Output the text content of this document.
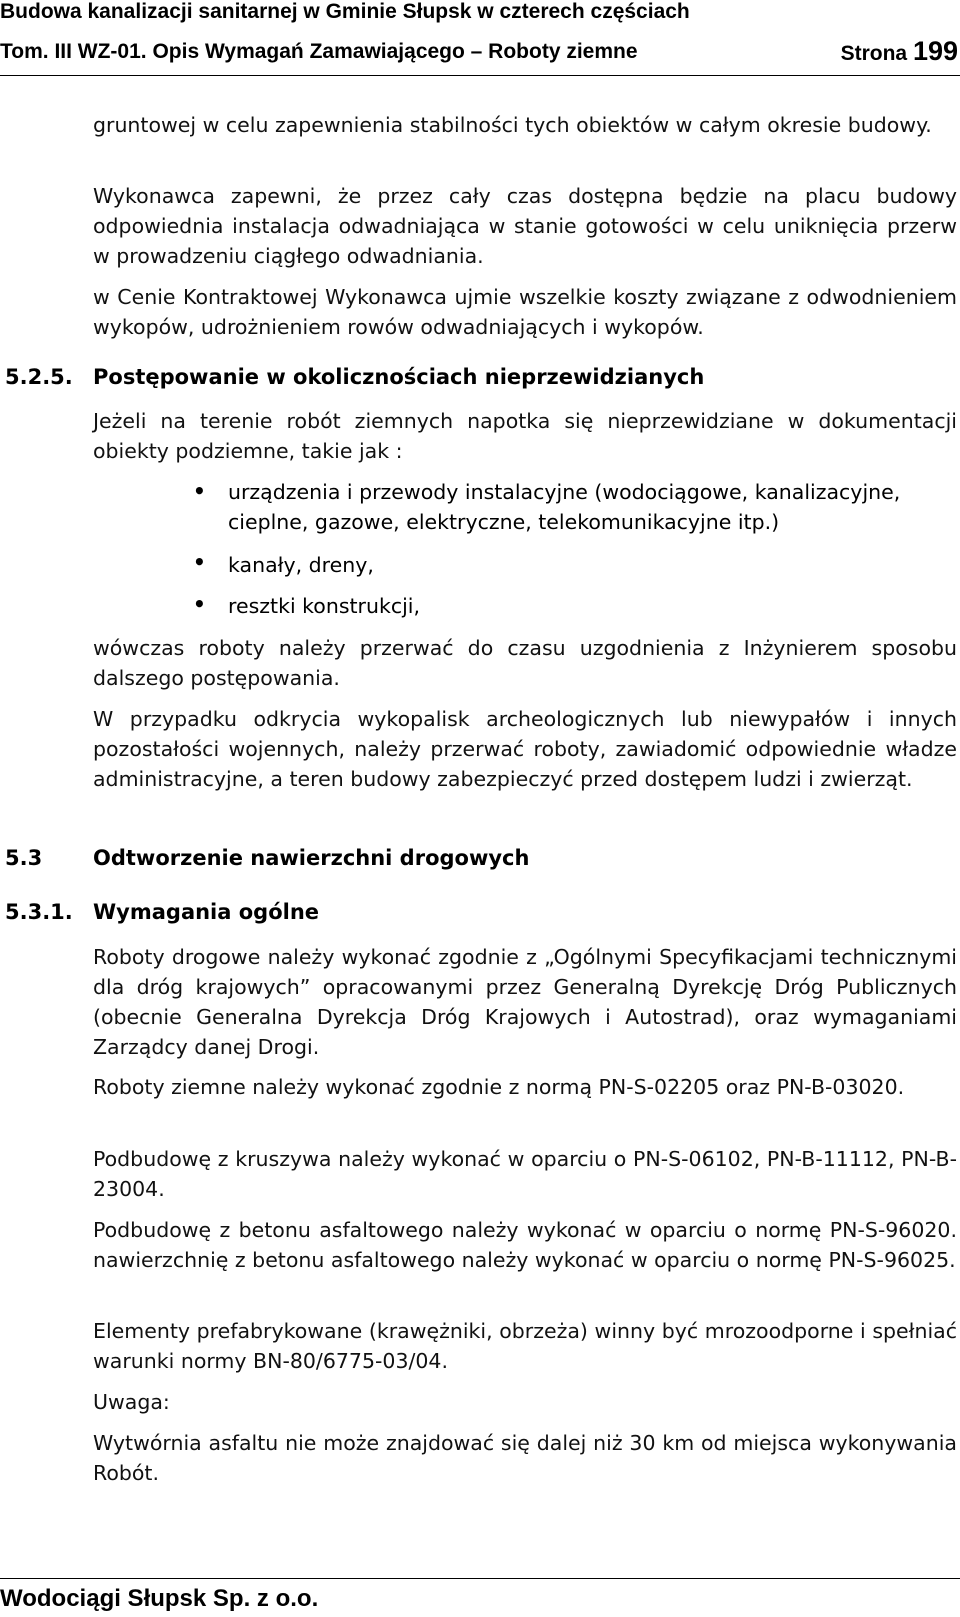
Budowa kanalizacji sanitarnej w Gminie Słupsk w czterech częściach
Tom. III WZ-01. Opis Wymagań Zamawiającego – Roboty ziemne	Strona 199
gruntowej w celu zapewnienia stabilności tych obiektów w całym okresie budowy.
Wykonawca zapewni, że przez cały czas dostępna będzie na placu budowy odpowiednia instalacja odwadniająca w stanie gotowości w celu uniknięcia przerw w prowadzeniu ciągłego odwadniania.
w Cenie Kontraktowej Wykonawca ujmie wszelkie koszty związane z odwodnieniem wykopów, udrożnieniem rowów odwadniających i wykopów.
5.2.5. Postępowanie w okolicznościach nieprzewidzianych
Jeżeli na terenie robót ziemnych napotka się nieprzewidziane w dokumentacji obiekty podziemne, takie jak :
• urządzenia i przewody instalacyjne (wodociągowe, kanalizacyjne, cieplne, gazowe, elektryczne, telekomunikacyjne itp.)
• kanały, dreny,
• resztki konstrukcji,
wówczas roboty należy przerwać do czasu uzgodnienia z Inżynierem sposobu dalszego postępowania.
W przypadku odkrycia wykopalisk archeologicznych lub niewypałów i innych pozostałości wojennych, należy przerwać roboty, zawiadomić odpowiednie władze administracyjne, a teren budowy zabezpieczyć przed dostępem ludzi i zwierząt.
5.3 Odtworzenie nawierzchni drogowych
5.3.1. Wymagania ogólne
Roboty drogowe należy wykonać zgodnie z „Ogólnymi Specyfikacjami technicznymi dla dróg krajowych” opracowanymi przez Generalną Dyrekcję Dróg Publicznych (obecnie Generalna Dyrekcja Dróg Krajowych i Autostrad), oraz wymaganiami Zarządcy danej Drogi.
Roboty ziemne należy wykonać zgodnie z normą PN-S-02205 oraz PN-B-03020.
Podbudowę z kruszywa należy wykonać w oparciu o PN-S-06102, PN-B-11112, PN-B-23004.
Podbudowę z betonu asfaltowego należy wykonać w oparciu o normę PN-S-96020. nawierzchnię z betonu asfaltowego należy wykonać w oparciu o normę PN-S-96025.
Elementy prefabrykowane (krawężniki, obrzeża) winny być mrozoodporne i spełniać warunki normy BN-80/6775-03/04.
Uwaga:
Wytwórnia asfaltu nie może znajdować się dalej niż 30 km od miejsca wykonywania Robót.
Wodociągi Słupsk Sp. z o.o.
